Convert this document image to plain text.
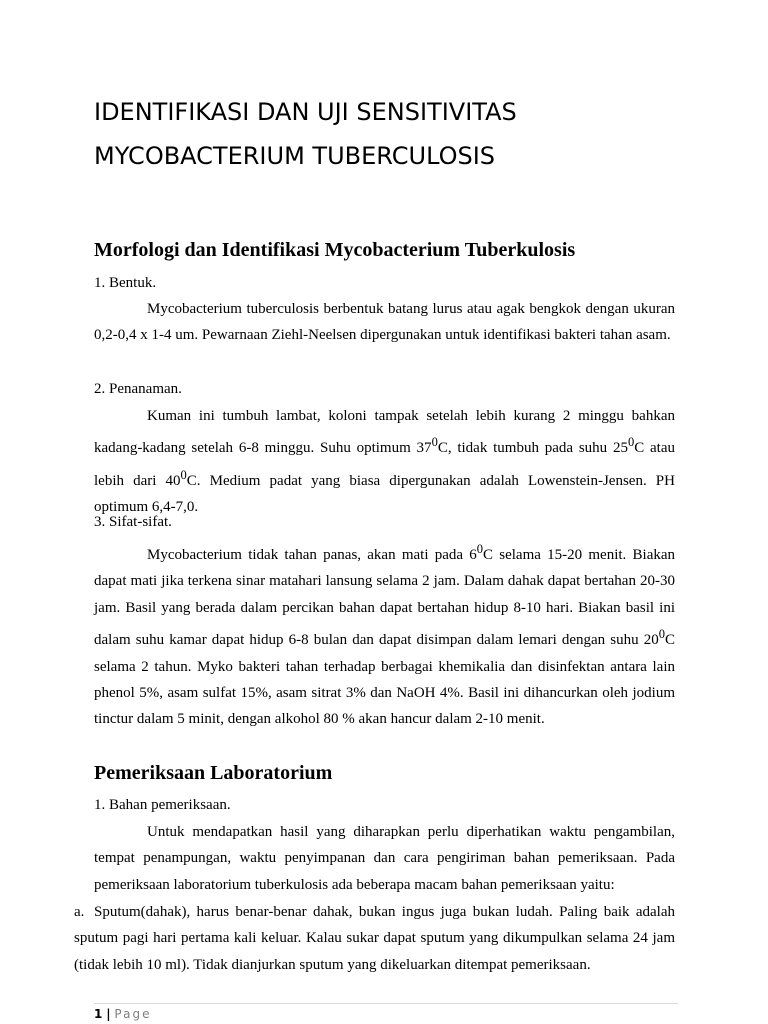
IDENTIFIKASI DAN UJI SENSITIVITAS
MYCOBACTERIUM TUBERCULOSIS
Morfologi dan Identifikasi Mycobacterium Tuberkulosis

1. Bentuk.

Mycobacterium tuberculosis berbentuk batang lurus atau agak bengkok dengan ukuran 0,2-0,4 x 1-4 um. Pewarnaan Ziehl-Neelsen dipergunakan untuk identifikasi bakteri tahan asam.

2. Penanaman.

Kuman ini tumbuh lambat, koloni tampak setelah lebih kurang 2 minggu bahkan kadang-kadang setelah 6-8 minggu. Suhu optimum $37^0C$, tidak tumbuh pada suhu $25^0C$ atau lebih dari $40^0C$. Medium padat yang biasa dipergunakan adalah Lowenstein-Jensen. PH optimum 6,4-7,0.

3. Sifat-sifat.

Mycobacterium tidak tahan panas, akan mati pada $6^0C$ selama 15-20 menit. Biakan dapat mati jika terkena sinar matahari lansung selama 2 jam. Dalam dahak dapat bertahan 20-30 jam. Basil yang berada dalam percikan bahan dapat bertahan hidup 8-10 hari. Biakan basil ini dalam suhu kamar dapat hidup 6-8 bulan dan dapat disimpan dalam lemari dengan suhu $20^0C$ selama 2 tahun. Myko bakteri tahan terhadap berbagai khemikalia dan disinfektan antara lain phenol 5%, asam sulfat 15%, asam sitrat 3% dan NaOH 4%. Basil ini dihancurkan oleh jodium tinctur dalam 5 minit, dengan alkohol 80 % akan hancur dalam 2-10 menit.

Pemeriksaan Laboratorium

1. Bahan pemeriksaan.

Untuk mendapatkan hasil yang diharapkan perlu diperhatikan waktu pengambilan, tempat penampungan, waktu penyimpanan dan cara pengiriman bahan pemeriksaan. Pada pemeriksaan laboratorium tuberkulosis ada beberapa macam bahan pemeriksaan yaitu:

a. Sputum(dahak), harus benar-benar dahak, bukan ingus juga bukan ludah. Paling baik adalah sputum pagi hari pertama kali keluar. Kalau sukar dapat sputum yang dikumpulkan selama 24 jam (tidak lebih 10 ml). Tidak dianjurkan sputum yang dikeluarkan ditempat pemeriksaan.

1 | Page
